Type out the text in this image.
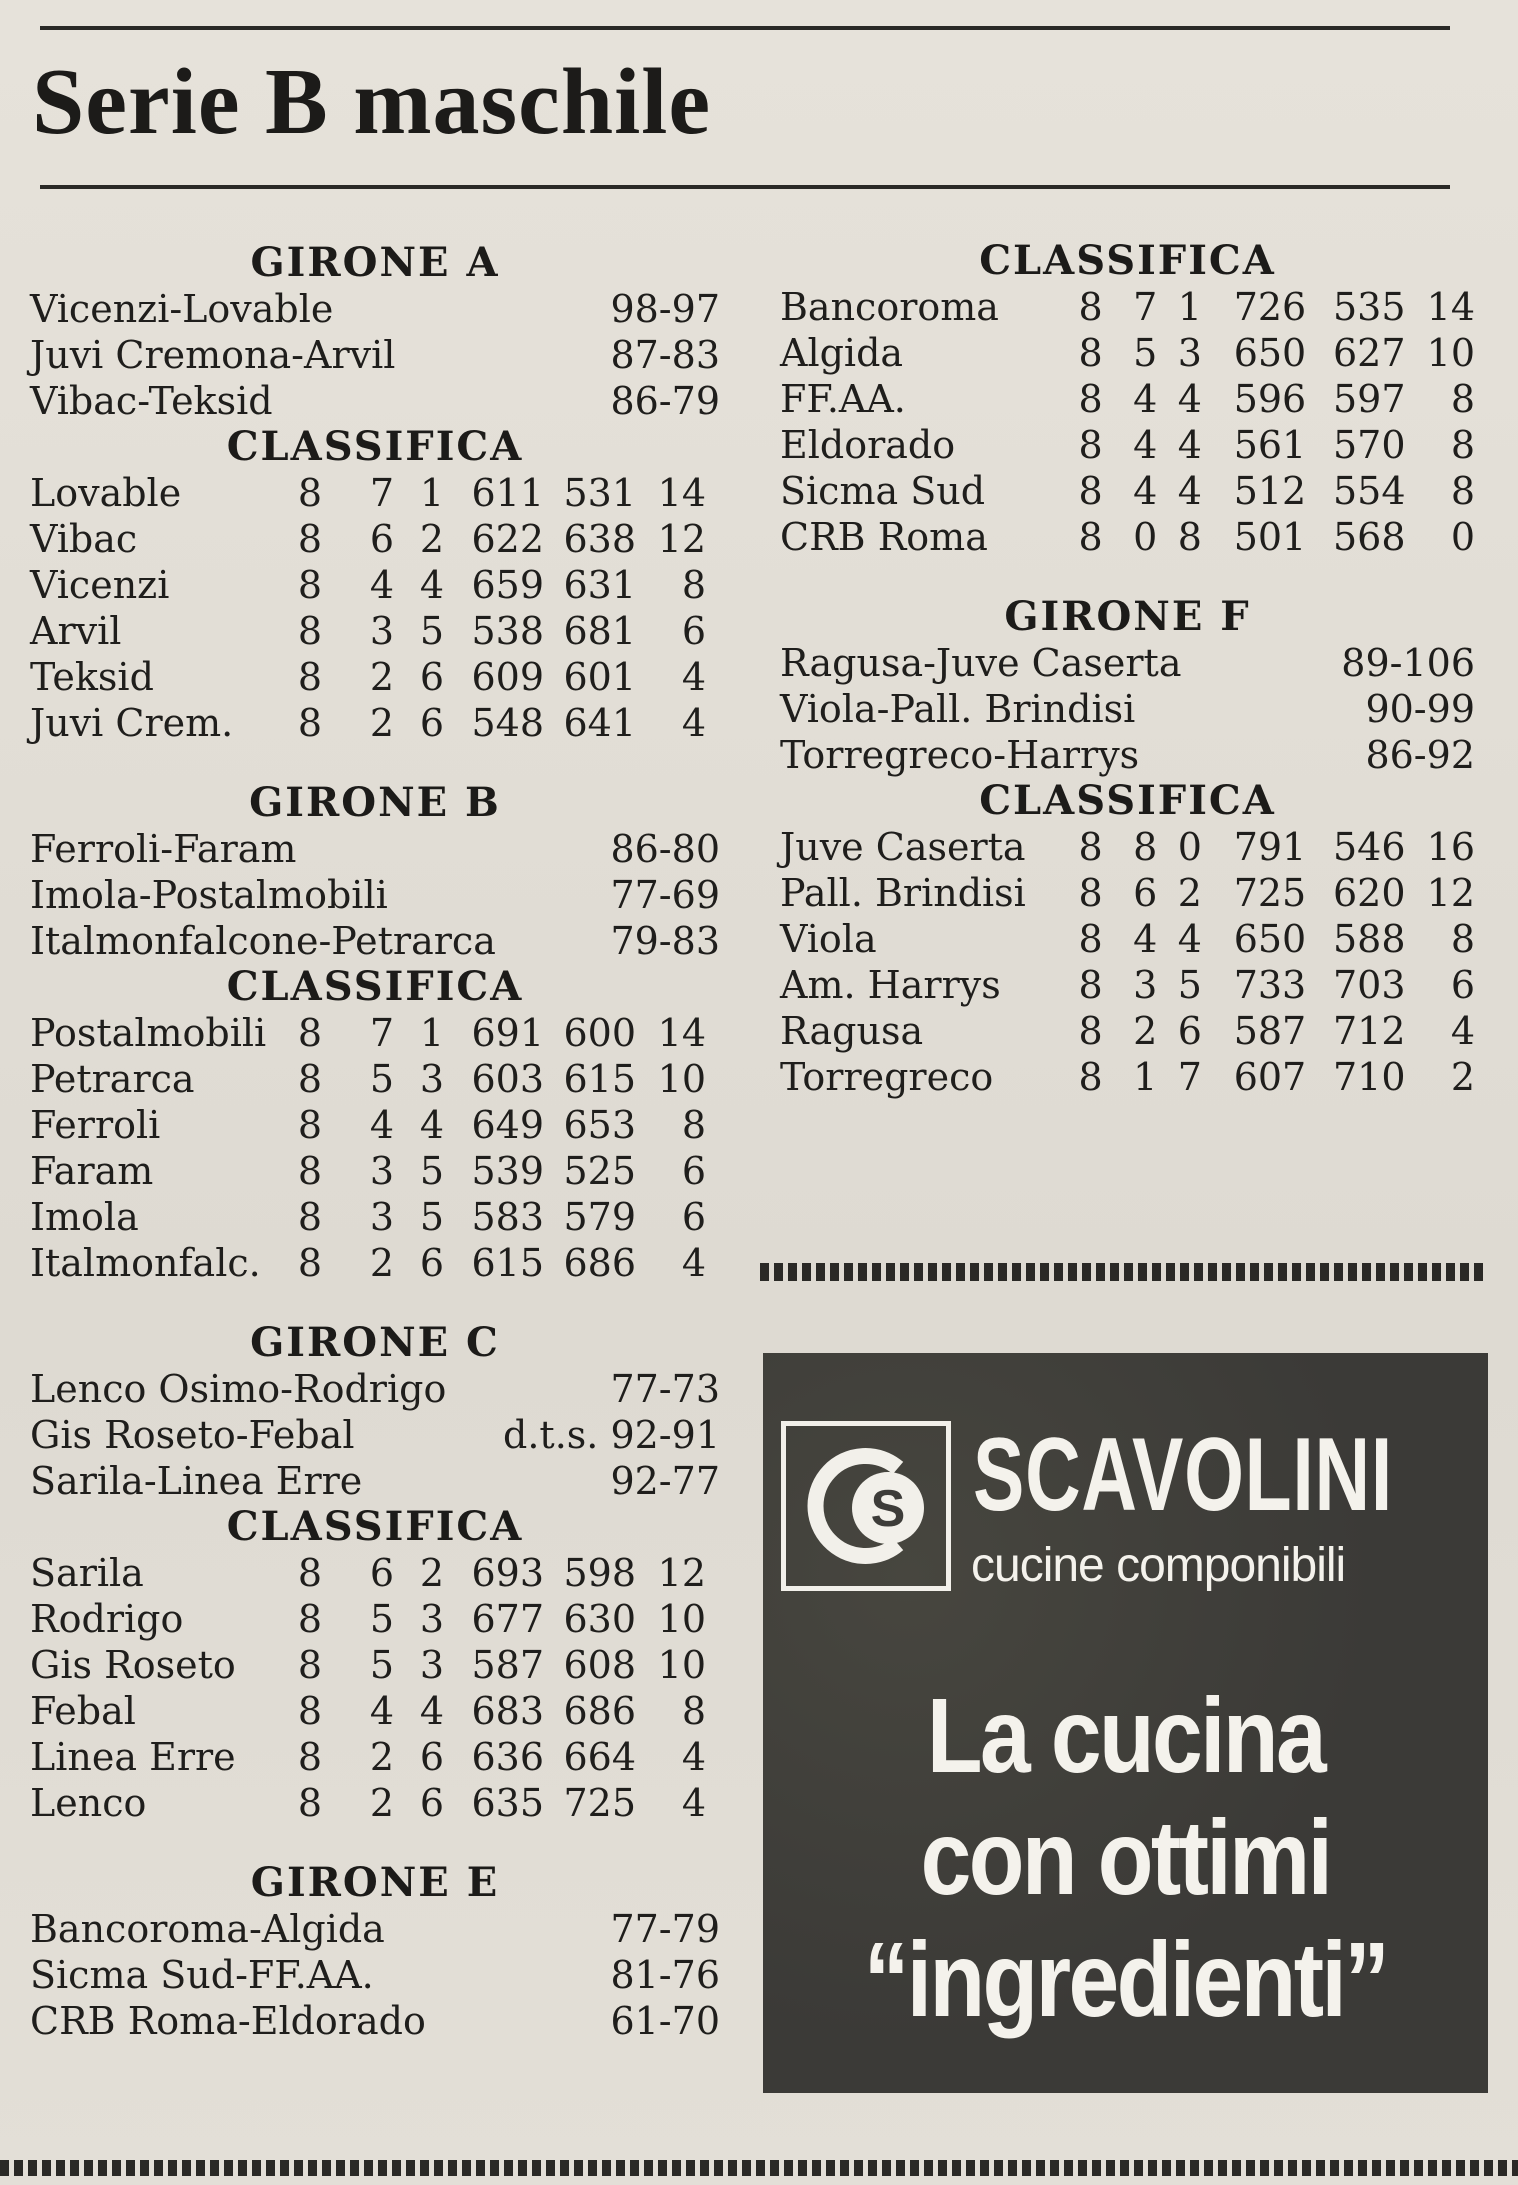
Serie B maschile
GIRONE A
Vicenzi-Lovable	98-97
Juvi Cremona-Arvil	87-83
Vibac-Teksid	86-79
CLASSIFICA
Lovable	8	7 1 611 531 14
Vibac	8	6 2 622 638 12
Vicenzi	8	4 4 659 631	8
Arvil	8	3 5 538 681	6
Teksid	8	2 6 609 601	4
Juvi Crem.	8	2 6 548 641	4
GIRONE B
Ferroli-Faram	86-80
Imola-Postalmobili	77-69
Italmonfalcone-Petrarca	79-83
CLASSIFICA
Postalmobili 8	7 1 691 600 14
Petrarca	8	5 3 603 615 10
Ferroli	8	4 4 649 653	8
Faram	8	3 5 539 525	6
Imola	8	3 5 583 579	6
Italmonfalc. 8	2 6 615 686	4
GIRONE C
Lenco Osimo-Rodrigo	77-73
Gis Roseto-Febal	d.t.s. 92-91
Sarila-Linea Erre	92-77
CLASSIFICA
Sarila	8	6 2 693 598 12
Rodrigo	8	5 3 677 630 10
Gis Roseto	8	5 3 587 608 10
Febal	8	4 4 683 686	8
Linea Erre	8	2 6 636 664	4
Lenco	8	2 6 635 725	4
GIRONE E
Bancoroma-Algida	77-79
Sicma Sud-FF.AA.	81-76
CRB Roma-Eldorado	61-70
CLASSIFICA
Bancoroma	8 7 1 726 535 14
Algida	8 5 3 650 627 10
FF.AA.	8 4 4 596 597	8
Eldorado	8 4 4 561 570	8
Sicma Sud	8 4 4 512 554	8
CRB Roma	8 0 8 501 568	0
GIRONE F
Ragusa-Juve Caserta	89-106
Viola-Pall. Brindisi	90-99
Torregreco-Harrys	86-92
CLASSIFICA
Juve Caserta	8 8 0 791 546 16
Pall. Brindisi	8 6 2 725 620 12
Viola	8 4 4 650 588	8
Am. Harrys	8 3 5 733 703	6
Ragusa	8 2 6 587 712	4
Torregreco	8 1 7 607 710	2
S SCAVOLINI
cucine componibili
La cucina
con ottimi
“ingredienti”
